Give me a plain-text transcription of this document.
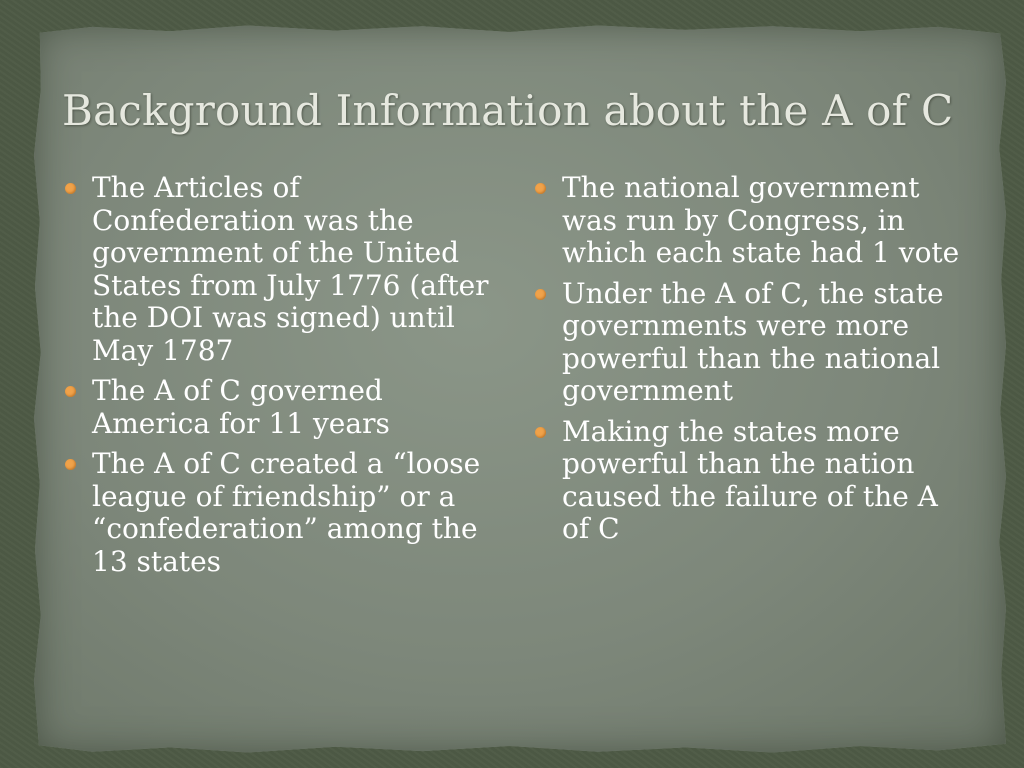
Background Information about the A of C
The Articles of Confederation was the government of the United States from July 1776 (after the DOI was signed) until May 1787
The A of C governed America for 11 years
The A of C created a “loose league of friendship” or a “confederation” among the 13 states
The national government was run by Congress, in which each state had 1 vote
Under the A of C, the state governments were more powerful than the national government
Making the states more powerful than the nation caused the failure of the A of C
